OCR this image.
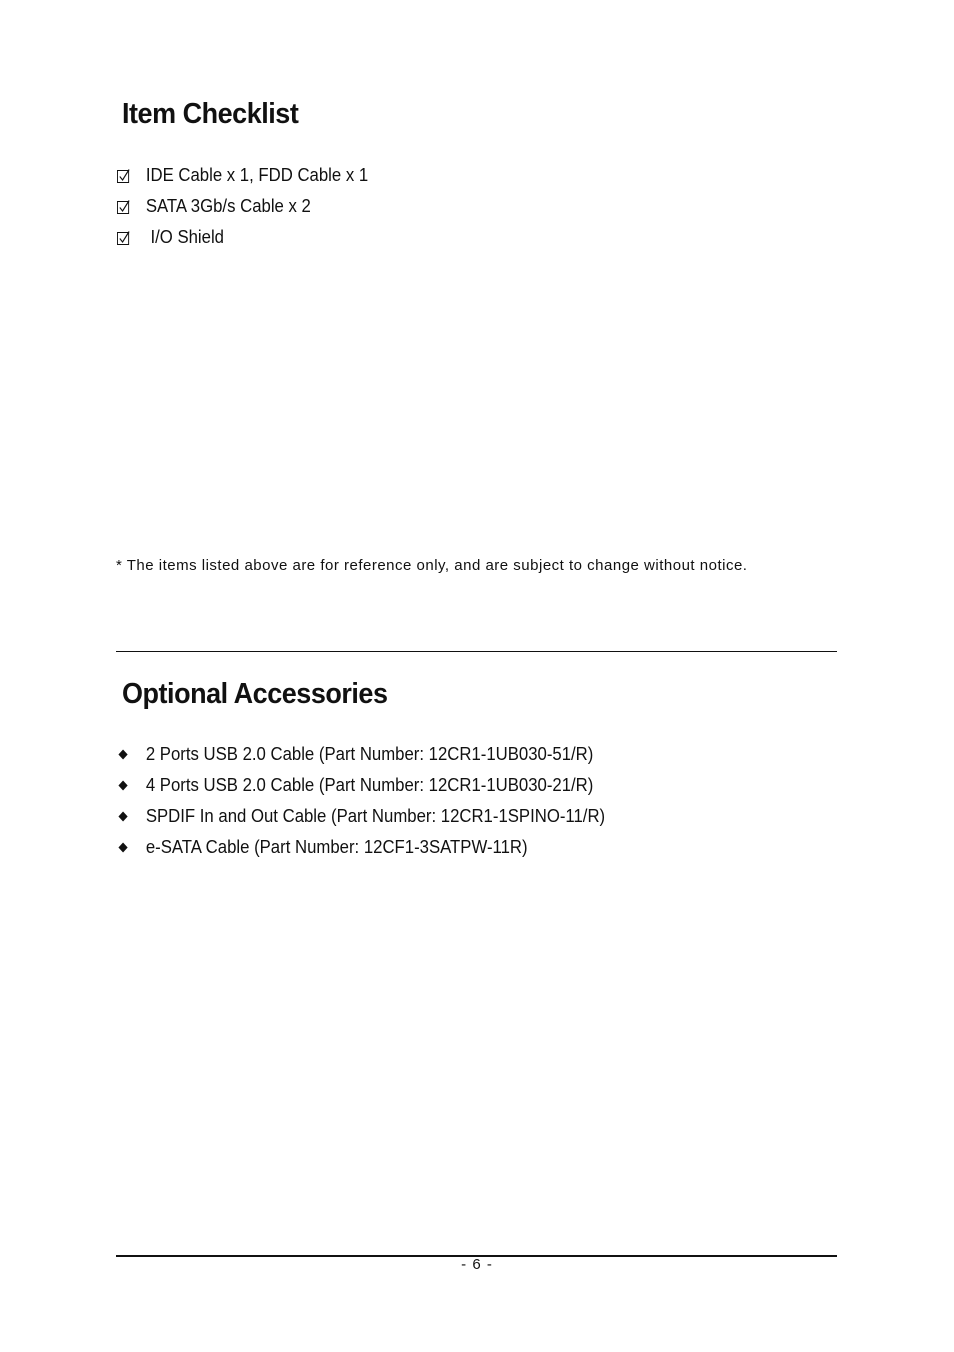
Item Checklist
IDE Cable x 1, FDD Cable x 1
SATA 3Gb/s Cable x 2
I/O Shield

* The items listed above are for reference only, and are subject to change without notice.

Optional Accessories
2 Ports USB 2.0 Cable (Part Number: 12CR1-1UB030-51/R)
4 Ports USB 2.0 Cable (Part Number: 12CR1-1UB030-21/R)
SPDIF In and Out Cable (Part Number: 12CR1-1SPINO-11/R)
e-SATA Cable (Part Number: 12CF1-3SATPW-11R)

- 6 -
